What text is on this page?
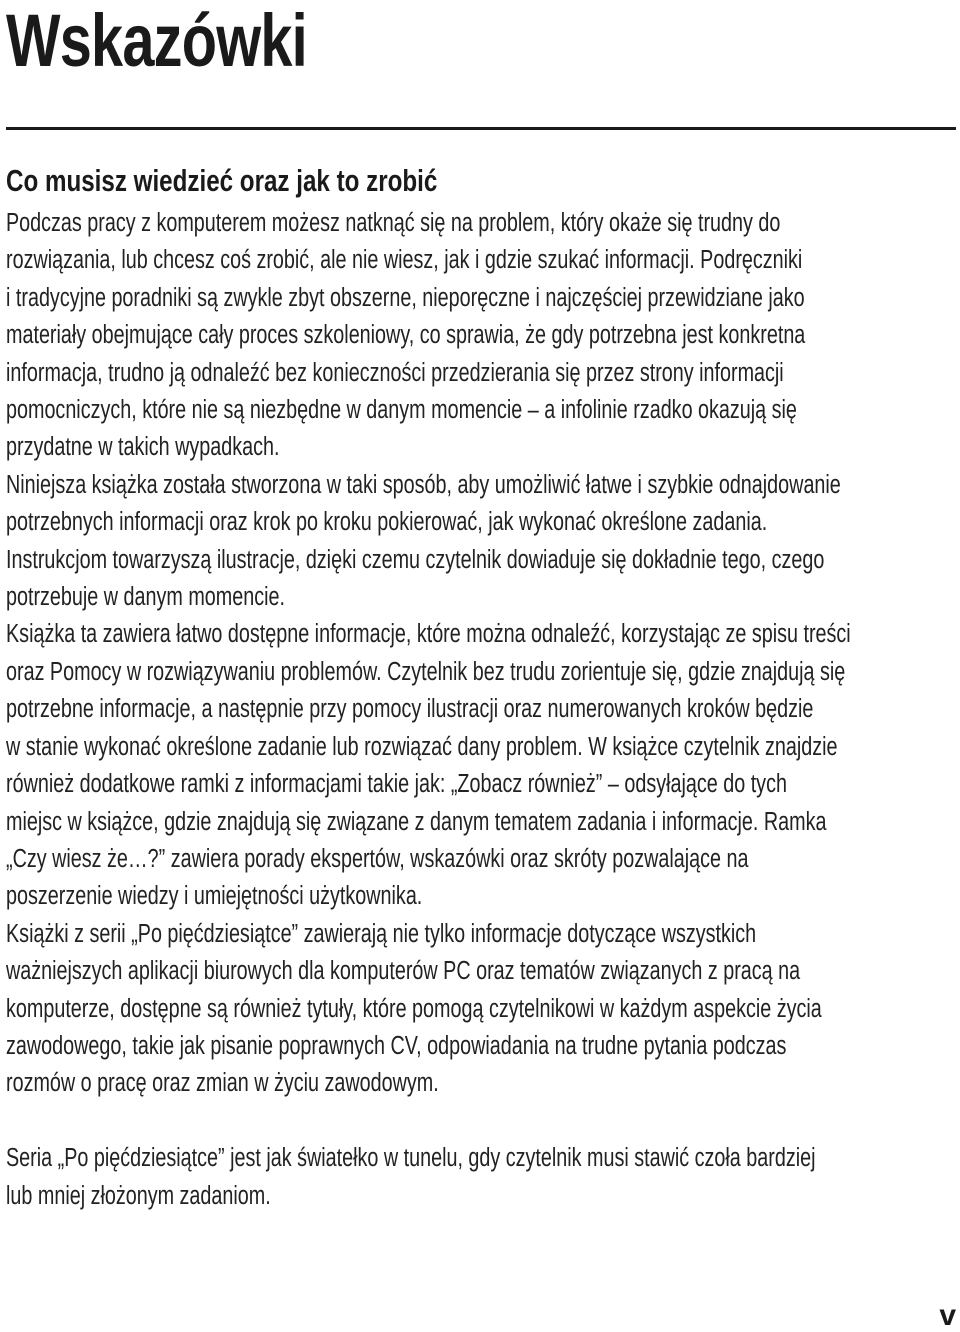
Wskazówki
Co musisz wiedzieć oraz jak to zrobić
Podczas pracy z komputerem możesz natknąć się na problem, który okaże się trudny do
rozwiązania, lub chcesz coś zrobić, ale nie wiesz, jak i gdzie szukać informacji. Podręczniki
i tradycyjne poradniki są zwykle zbyt obszerne, nieporęczne i najczęściej przewidziane jako
materiały obejmujące cały proces szkoleniowy, co sprawia, że gdy potrzebna jest konkretna
informacja, trudno ją odnaleźć bez konieczności przedzierania się przez strony informacji
pomocniczych, które nie są niezbędne w danym momencie – a infolinie rzadko okazują się
przydatne w takich wypadkach.
Niniejsza książka została stworzona w taki sposób, aby umożliwić łatwe i szybkie odnajdowanie
potrzebnych informacji oraz krok po kroku pokierować, jak wykonać określone zadania.
Instrukcjom towarzyszą ilustracje, dzięki czemu czytelnik dowiaduje się dokładnie tego, czego
potrzebuje w danym momencie.
Książka ta zawiera łatwo dostępne informacje, które można odnaleźć, korzystając ze spisu treści
oraz Pomocy w rozwiązywaniu problemów. Czytelnik bez trudu zorientuje się, gdzie znajdują się
potrzebne informacje, a następnie przy pomocy ilustracji oraz numerowanych kroków będzie
w stanie wykonać określone zadanie lub rozwiązać dany problem. W książce czytelnik znajdzie
również dodatkowe ramki z informacjami takie jak: „Zobacz również” – odsyłające do tych
miejsc w książce, gdzie znajdują się związane z danym tematem zadania i informacje. Ramka
„Czy wiesz że…?” zawiera porady ekspertów, wskazówki oraz skróty pozwalające na
poszerzenie wiedzy i umiejętności użytkownika.
Książki z serii „Po pięćdziesiątce” zawierają nie tylko informacje dotyczące wszystkich
ważniejszych aplikacji biurowych dla komputerów PC oraz tematów związanych z pracą na
komputerze, dostępne są również tytuły, które pomogą czytelnikowi w każdym aspekcie życia
zawodowego, takie jak pisanie poprawnych CV, odpowiadania na trudne pytania podczas
rozmów o pracę oraz zmian w życiu zawodowym.
Seria „Po pięćdziesiątce” jest jak światełko w tunelu, gdy czytelnik musi stawić czoła bardziej
lub mniej złożonym zadaniom.
v
